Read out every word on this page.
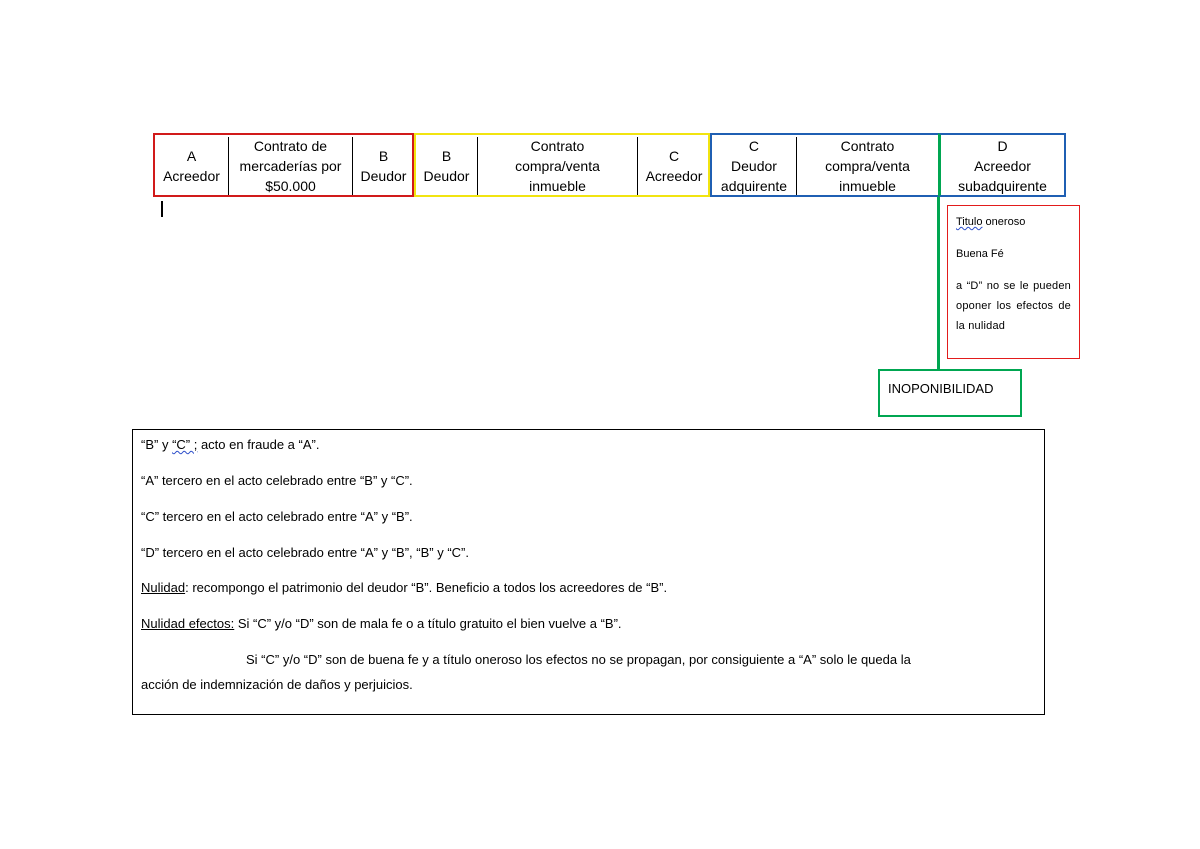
A
Acreedor
Contrato de
mercaderías por
$50.000
B
Deudor
B
Deudor
Contrato
compra/venta
inmueble
C
Acreedor
C
Deudor
adquirente
Contrato
compra/venta
inmueble
D
Acreedor
subadquirente

Titulo oneroso

Buena Fé

a “D” no se le pueden oponer los efectos de la nulidad

INOPONIBILIDAD
“B” y “C” ; acto en fraude a “A”.
“A” tercero en el acto celebrado entre “B” y “C”.
“C” tercero en el acto celebrado entre “A” y “B”.
“D” tercero en el acto celebrado entre “A” y “B”, “B” y “C”.
Nulidad: recompongo el patrimonio del deudor “B”. Beneficio a todos los acreedores de “B”.
Nulidad efectos: Si “C” y/o “D” son de mala fe o a título gratuito el bien vuelve a “B”.
Si “C” y/o “D” son de buena fe y a título oneroso los efectos no se propagan, por consiguiente a “A” solo le queda la
acción de indemnización de daños y perjuicios.
